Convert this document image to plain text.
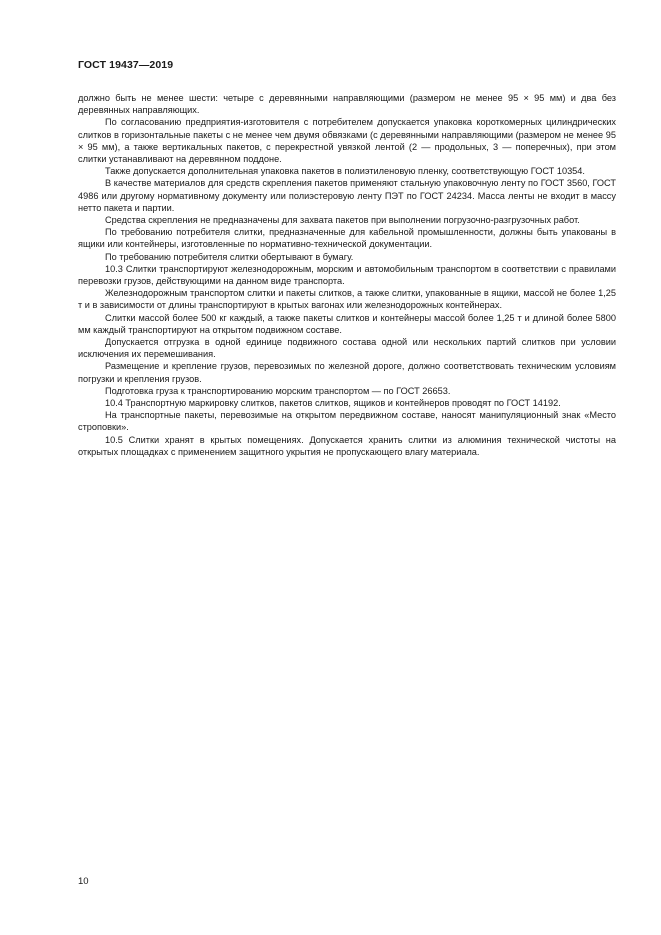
ГОСТ 19437—2019

должно быть не менее шести: четыре с деревянными направляющими (размером не менее 95 × 95 мм) и два без деревянных направляющих.

По согласованию предприятия-изготовителя с потребителем допускается упаковка короткомерных цилиндрических слитков в горизонтальные пакеты с не менее чем двумя обвязками (с деревянными направляющими (размером не менее 95 × 95 мм), а также вертикальных пакетов, с перекрестной увязкой лентой (2 — продольных, 3 — поперечных), при этом слитки устанавливают на деревянном поддоне.

Также допускается дополнительная упаковка пакетов в полиэтиленовую пленку, соответствующую ГОСТ 10354.

В качестве материалов для средств скрепления пакетов применяют стальную упаковочную ленту по ГОСТ 3560, ГОСТ 4986 или другому нормативному документу или полиэстеровую ленту ПЭТ по ГОСТ 24234. Масса ленты не входит в массу нетто пакета и партии.

Средства скрепления не предназначены для захвата пакетов при выполнении погрузочно-разгрузочных работ.

По требованию потребителя слитки, предназначенные для кабельной промышленности, должны быть упакованы в ящики или контейнеры, изготовленные по нормативно-технической документации.

По требованию потребителя слитки обертывают в бумагу.

10.3 Слитки транспортируют железнодорожным, морским и автомобильным транспортом в соответствии с правилами перевозки грузов, действующими на данном виде транспорта.

Железнодорожным транспортом слитки и пакеты слитков, а также слитки, упакованные в ящики, массой не более 1,25 т и в зависимости от длины транспортируют в крытых вагонах или железнодорожных контейнерах.

Слитки массой более 500 кг каждый, а также пакеты слитков и контейнеры массой более 1,25 т и длиной более 5800 мм каждый транспортируют на открытом подвижном составе.

Допускается отгрузка в одной единице подвижного состава одной или нескольких партий слитков при условии исключения их перемешивания.

Размещение и крепление грузов, перевозимых по железной дороге, должно соответствовать техническим условиям погрузки и крепления грузов.

Подготовка груза к транспортированию морским транспортом — по ГОСТ 26653.

10.4 Транспортную маркировку слитков, пакетов слитков, ящиков и контейнеров проводят по ГОСТ 14192.

На транспортные пакеты, перевозимые на открытом передвижном составе, наносят манипуляционный знак «Место строповки».

10.5 Слитки хранят в крытых помещениях. Допускается хранить слитки из алюминия технической чистоты на открытых площадках с применением защитного укрытия не пропускающего влагу материала.

10
